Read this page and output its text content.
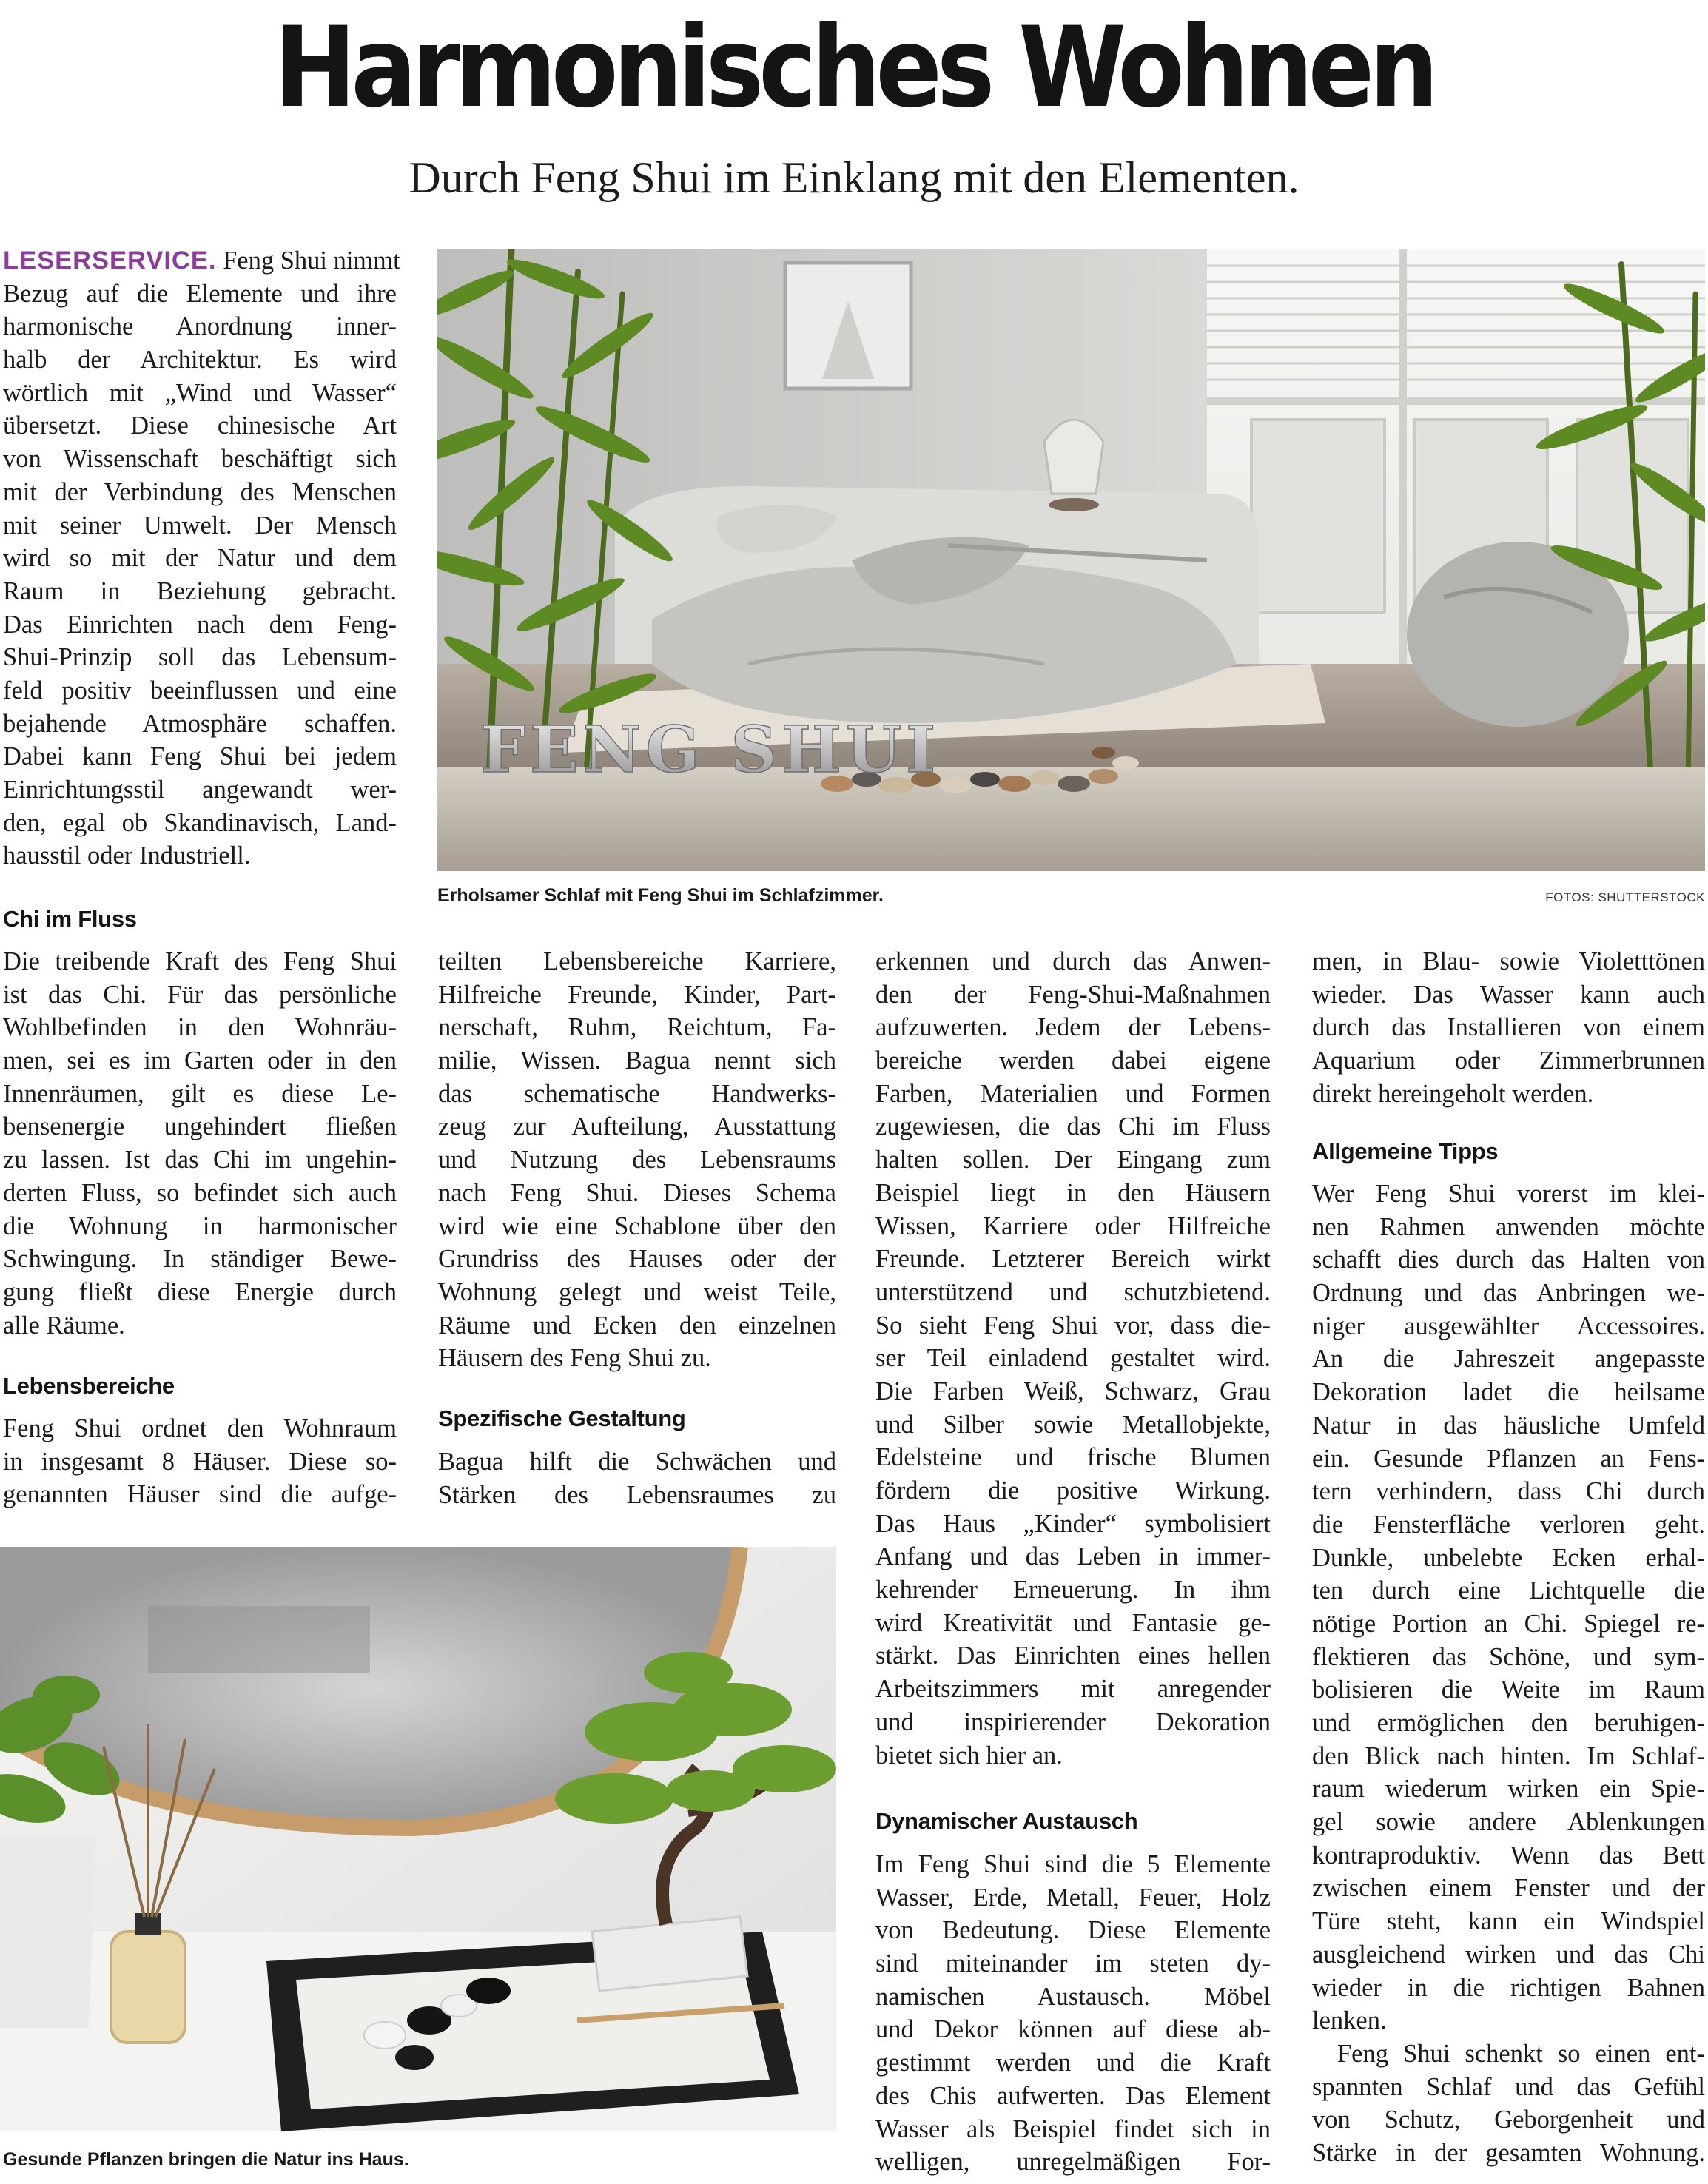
Harmonisches Wohnen
Durch Feng Shui im Einklang mit den Elementen.
LESERSERVICE. Feng Shui nimmt
Bezug auf die Elemente und ihre
harmonische Anordnung inner-
halb der Architektur. Es wird
wörtlich mit „Wind und Wasser“
übersetzt. Diese chinesische Art
von Wissenschaft beschäftigt sich
mit der Verbindung des Menschen
mit seiner Umwelt. Der Mensch
wird so mit der Natur und dem
Raum in Beziehung gebracht.
Das Einrichten nach dem Feng-
Shui-Prinzip soll das Lebensum-
feld positiv beeinflussen und eine
bejahende Atmosphäre schaffen.
Dabei kann Feng Shui bei jedem
Einrichtungsstil angewandt wer-
den, egal ob Skandinavisch, Land-
hausstil oder Industriell.
Chi im Fluss
Die treibende Kraft des Feng Shui
ist das Chi. Für das persönliche
Wohlbefinden in den Wohnräu-
men, sei es im Garten oder in den
Innenräumen, gilt es diese Le-
bensenergie ungehindert fließen
zu lassen. Ist das Chi im ungehin-
derten Fluss, so befindet sich auch
die Wohnung in harmonischer
Schwingung. In ständiger Bewe-
gung fließt diese Energie durch
alle Räume.
Lebensbereiche
Feng Shui ordnet den Wohnraum
in insgesamt 8 Häuser. Diese so-
genannten Häuser sind die aufge-
teilten Lebensbereiche Karriere,
Hilfreiche Freunde, Kinder, Part-
nerschaft, Ruhm, Reichtum, Fa-
milie, Wissen. Bagua nennt sich
das schematische Handwerks-
zeug zur Aufteilung, Ausstattung
und Nutzung des Lebensraums
nach Feng Shui. Dieses Schema
wird wie eine Schablone über den
Grundriss des Hauses oder der
Wohnung gelegt und weist Teile,
Räume und Ecken den einzelnen
Häusern des Feng Shui zu.
Spezifische Gestaltung
Bagua hilft die Schwächen und
Stärken des Lebensraumes zu
erkennen und durch das Anwen-
den der Feng-Shui-Maßnahmen
aufzuwerten. Jedem der Lebens-
bereiche werden dabei eigene
Farben, Materialien und Formen
zugewiesen, die das Chi im Fluss
halten sollen. Der Eingang zum
Beispiel liegt in den Häusern
Wissen, Karriere oder Hilfreiche
Freunde. Letzterer Bereich wirkt
unterstützend und schutzbietend.
So sieht Feng Shui vor, dass die-
ser Teil einladend gestaltet wird.
Die Farben Weiß, Schwarz, Grau
und Silber sowie Metallobjekte,
Edelsteine und frische Blumen
fördern die positive Wirkung.
Das Haus „Kinder“ symbolisiert
Anfang und das Leben in immer-
kehrender Erneuerung. In ihm
wird Kreativität und Fantasie ge-
stärkt. Das Einrichten eines hellen
Arbeitszimmers mit anregender
und inspirierender Dekoration
bietet sich hier an.
Dynamischer Austausch
Im Feng Shui sind die 5 Elemente
Wasser, Erde, Metall, Feuer, Holz
von Bedeutung. Diese Elemente
sind miteinander im steten dy-
namischen Austausch. Möbel
und Dekor können auf diese ab-
gestimmt werden und die Kraft
des Chis aufwerten. Das Element
Wasser als Beispiel findet sich in
welligen, unregelmäßigen For-
men, in Blau- sowie Violetttönen
wieder. Das Wasser kann auch
durch das Installieren von einem
Aquarium oder Zimmerbrunnen
direkt hereingeholt werden.
Allgemeine Tipps
Wer Feng Shui vorerst im klei-
nen Rahmen anwenden möchte
schafft dies durch das Halten von
Ordnung und das Anbringen we-
niger ausgewählter Accessoires.
An die Jahreszeit angepasste
Dekoration ladet die heilsame
Natur in das häusliche Umfeld
ein. Gesunde Pflanzen an Fens-
tern verhindern, dass Chi durch
die Fensterfläche verloren geht.
Dunkle, unbelebte Ecken erhal-
ten durch eine Lichtquelle die
nötige Portion an Chi. Spiegel re-
flektieren das Schöne, und sym-
bolisieren die Weite im Raum
und ermöglichen den beruhigen-
den Blick nach hinten. Im Schlaf-
raum wiederum wirken ein Spie-
gel sowie andere Ablenkungen
kontraproduktiv. Wenn das Bett
zwischen einem Fenster und der
Türe steht, kann ein Windspiel
ausgleichend wirken und das Chi
wieder in die richtigen Bahnen
lenken.
Feng Shui schenkt so einen ent-
spannten Schlaf und das Gefühl
von Schutz, Geborgenheit und
Stärke in der gesamten Wohnung.
FENG SHUI

Erholsamer Schlaf mit Feng Shui im Schlafzimmer.	FOTOS: SHUTTERSTOCK

Gesunde Pflanzen bringen die Natur ins Haus.
